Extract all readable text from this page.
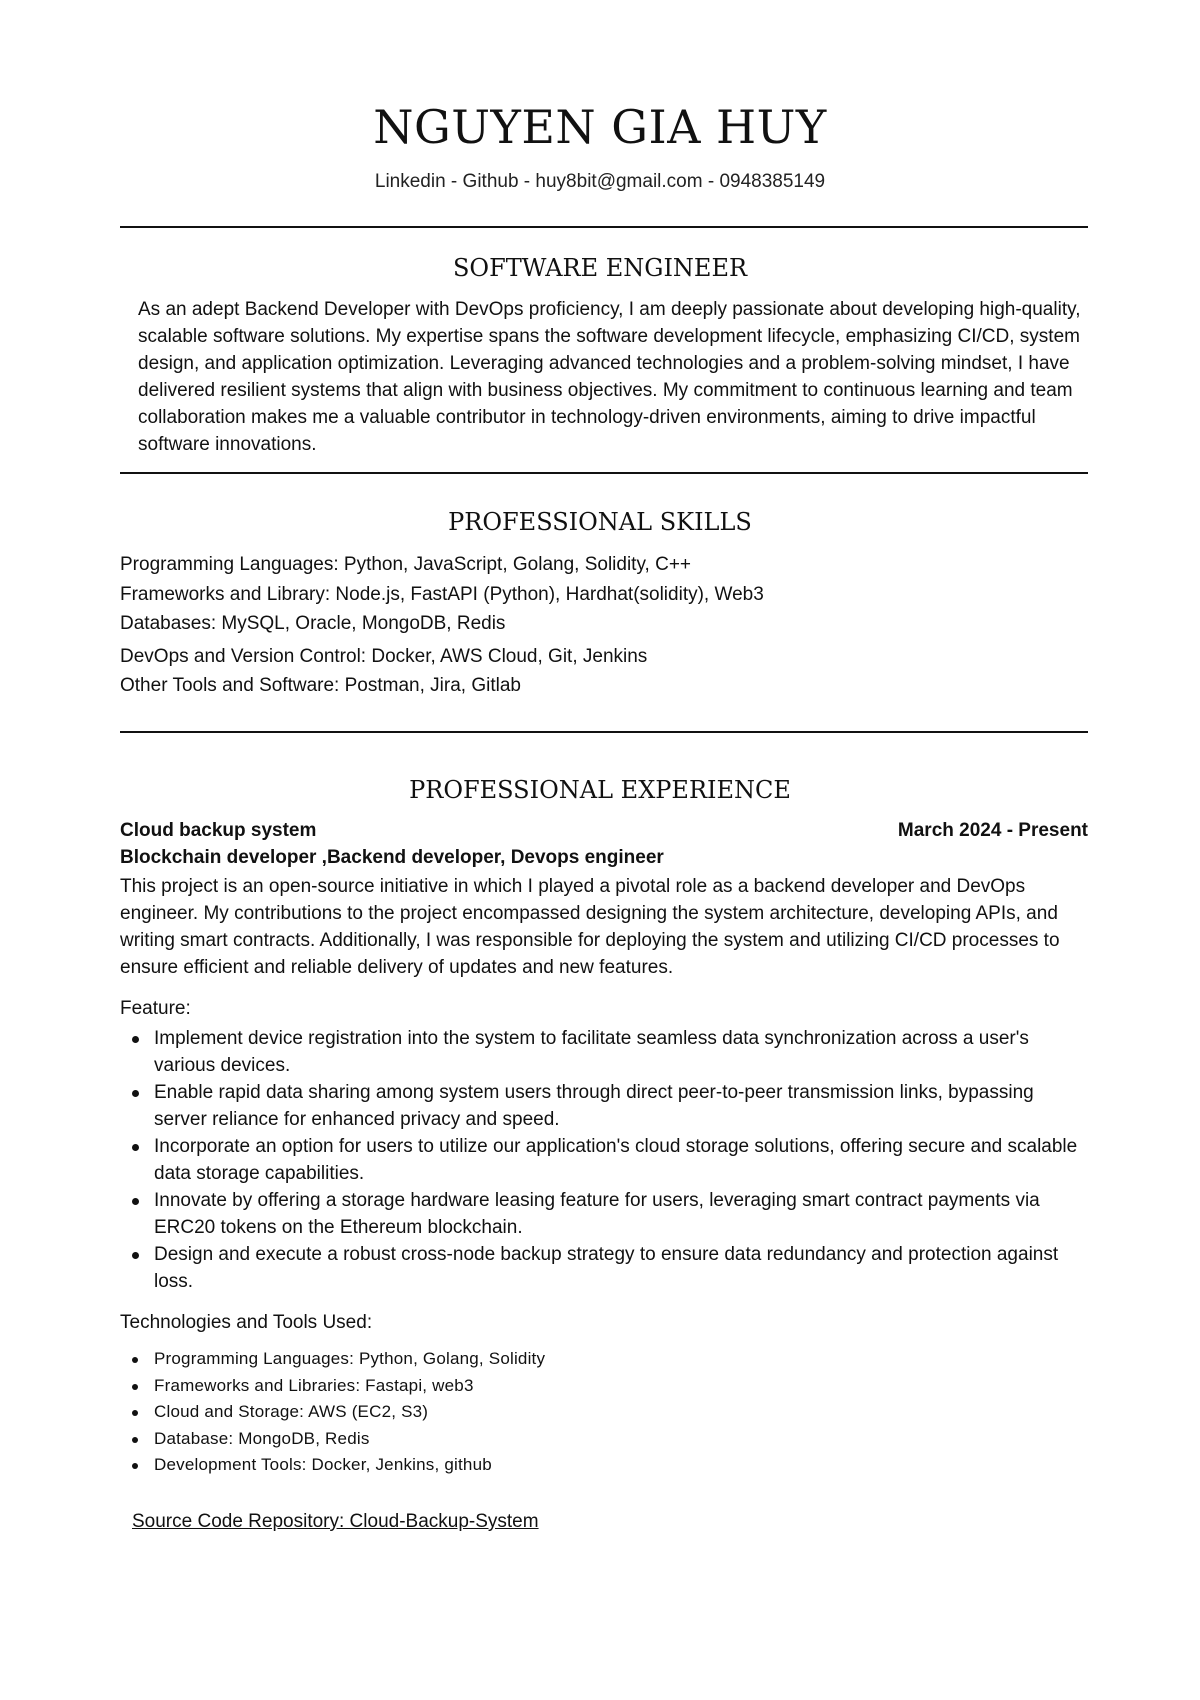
NGUYEN GIA HUY
Linkedin - Github - huy8bit@gmail.com - 0948385149
SOFTWARE ENGINEER
As an adept Backend Developer with DevOps proficiency, I am deeply passionate about developing high-quality, scalable software solutions. My expertise spans the software development lifecycle, emphasizing CI/CD, system design, and application optimization. Leveraging advanced technologies and a problem-solving mindset, I have delivered resilient systems that align with business objectives. My commitment to continuous learning and team collaboration makes me a valuable contributor in technology-driven environments, aiming to drive impactful software innovations.
PROFESSIONAL SKILLS
Programming Languages: Python, JavaScript, Golang, Solidity, C++
Frameworks and Library: Node.js, FastAPI (Python), Hardhat(solidity), Web3
Databases: MySQL, Oracle, MongoDB, Redis
DevOps and Version Control: Docker, AWS Cloud, Git, Jenkins
Other Tools and Software: Postman, Jira, Gitlab
PROFESSIONAL EXPERIENCE
Cloud backup system	March 2024 - Present
Blockchain developer ,Backend developer, Devops engineer
This project is an open-source initiative in which I played a pivotal role as a backend developer and DevOps engineer. My contributions to the project encompassed designing the system architecture, developing APIs, and writing smart contracts. Additionally, I was responsible for deploying the system and utilizing CI/CD processes to ensure efficient and reliable delivery of updates and new features.
Feature:
Implement device registration into the system to facilitate seamless data synchronization across a user's various devices.
Enable rapid data sharing among system users through direct peer-to-peer transmission links, bypassing server reliance for enhanced privacy and speed.
Incorporate an option for users to utilize our application's cloud storage solutions, offering secure and scalable data storage capabilities.
Innovate by offering a storage hardware leasing feature for users, leveraging smart contract payments via ERC20 tokens on the Ethereum blockchain.
Design and execute a robust cross-node backup strategy to ensure data redundancy and protection against loss.
Technologies and Tools Used:
Programming Languages: Python, Golang, Solidity
Frameworks and Libraries: Fastapi, web3
Cloud and Storage: AWS (EC2, S3)
Database: MongoDB, Redis
Development Tools: Docker, Jenkins, github
Source Code Repository: Cloud-Backup-System
